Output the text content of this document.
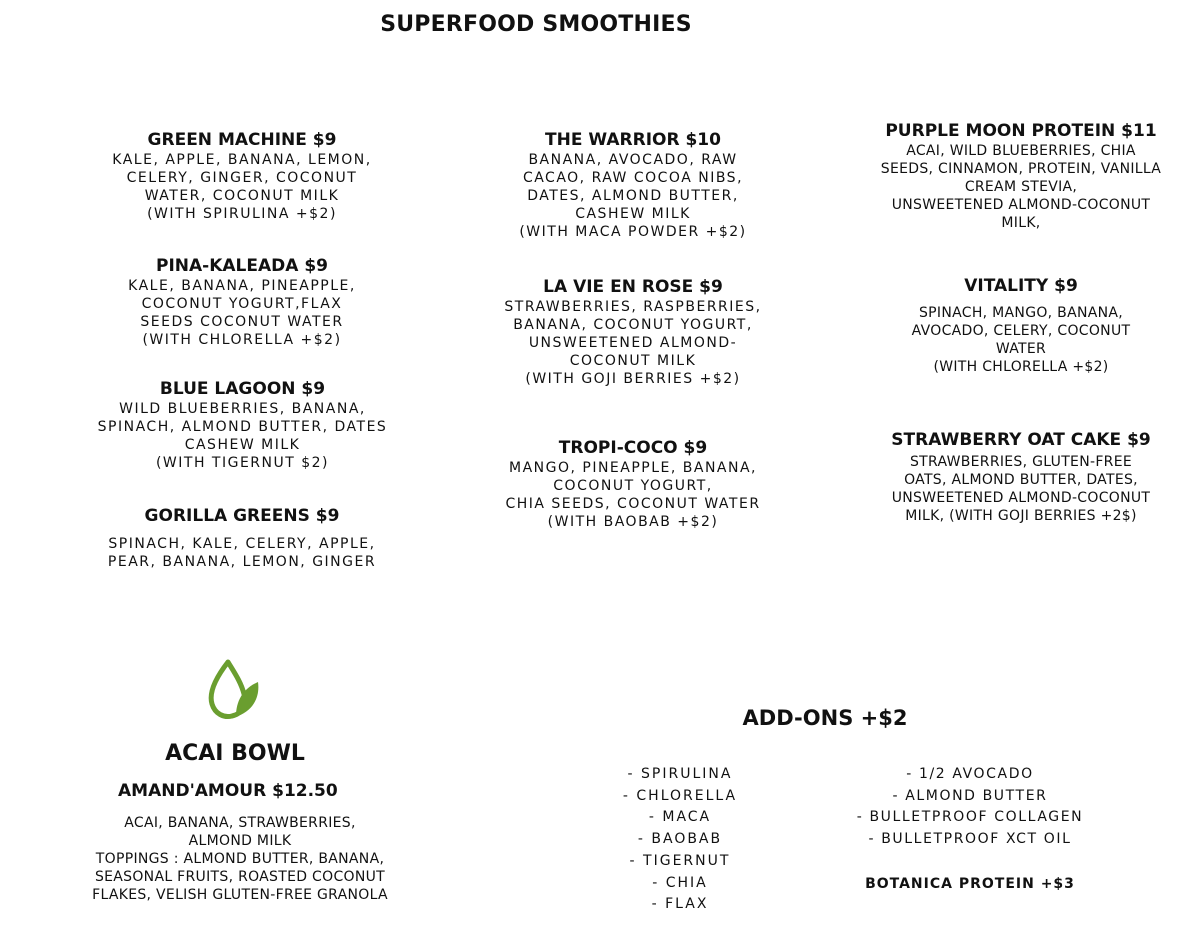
SUPERFOOD SMOOTHIES
GREEN MACHINE $9
KALE, APPLE, BANANA, LEMON,
CELERY, GINGER, COCONUT
WATER, COCONUT MILK
(WITH SPIRULINA +$2)
PINA-KALEADA $9
KALE, BANANA, PINEAPPLE,
COCONUT YOGURT,FLAX
SEEDS COCONUT WATER
(WITH CHLORELLA +$2)
BLUE LAGOON $9
WILD BLUEBERRIES, BANANA,
SPINACH, ALMOND BUTTER, DATES
CASHEW MILK
(WITH TIGERNUT $2)
GORILLA GREENS $9
SPINACH, KALE, CELERY, APPLE,
PEAR, BANANA, LEMON, GINGER
THE WARRIOR $10
BANANA, AVOCADO, RAW
CACAO, RAW COCOA NIBS,
DATES, ALMOND BUTTER,
CASHEW MILK
(WITH MACA POWDER +$2)
LA VIE EN ROSE $9
STRAWBERRIES, RASPBERRIES,
BANANA, COCONUT YOGURT,
UNSWEETENED ALMOND-
COCONUT MILK
(WITH GOJI BERRIES +$2)
TROPI-COCO $9
MANGO, PINEAPPLE, BANANA,
COCONUT YOGURT,
CHIA SEEDS, COCONUT WATER
(WITH BAOBAB +$2)
PURPLE MOON PROTEIN $11
ACAI, WILD BLUEBERRIES, CHIA
SEEDS, CINNAMON, PROTEIN, VANILLA
CREAM STEVIA,
UNSWEETENED ALMOND-COCONUT
MILK,
VITALITY $9
SPINACH, MANGO, BANANA,
AVOCADO, CELERY, COCONUT
WATER
(WITH CHLORELLA +$2)
STRAWBERRY OAT CAKE $9
STRAWBERRIES, GLUTEN-FREE
OATS, ALMOND BUTTER, DATES,
UNSWEETENED ALMOND-COCONUT
MILK, (WITH GOJI BERRIES +2$)
ACAI BOWL
AMAND'AMOUR $12.50
ACAI, BANANA, STRAWBERRIES,
ALMOND MILK
TOPPINGS : ALMOND BUTTER, BANANA,
SEASONAL FRUITS, ROASTED COCONUT
FLAKES, VELISH GLUTEN-FREE GRANOLA
ADD-ONS +$2
- SPIRULINA
- CHLORELLA
- MACA
- BAOBAB
- TIGERNUT
- CHIA
- FLAX
- 1/2 AVOCADO
- ALMOND BUTTER
- BULLETPROOF COLLAGEN
- BULLETPROOF XCT OIL
BOTANICA PROTEIN +$3
